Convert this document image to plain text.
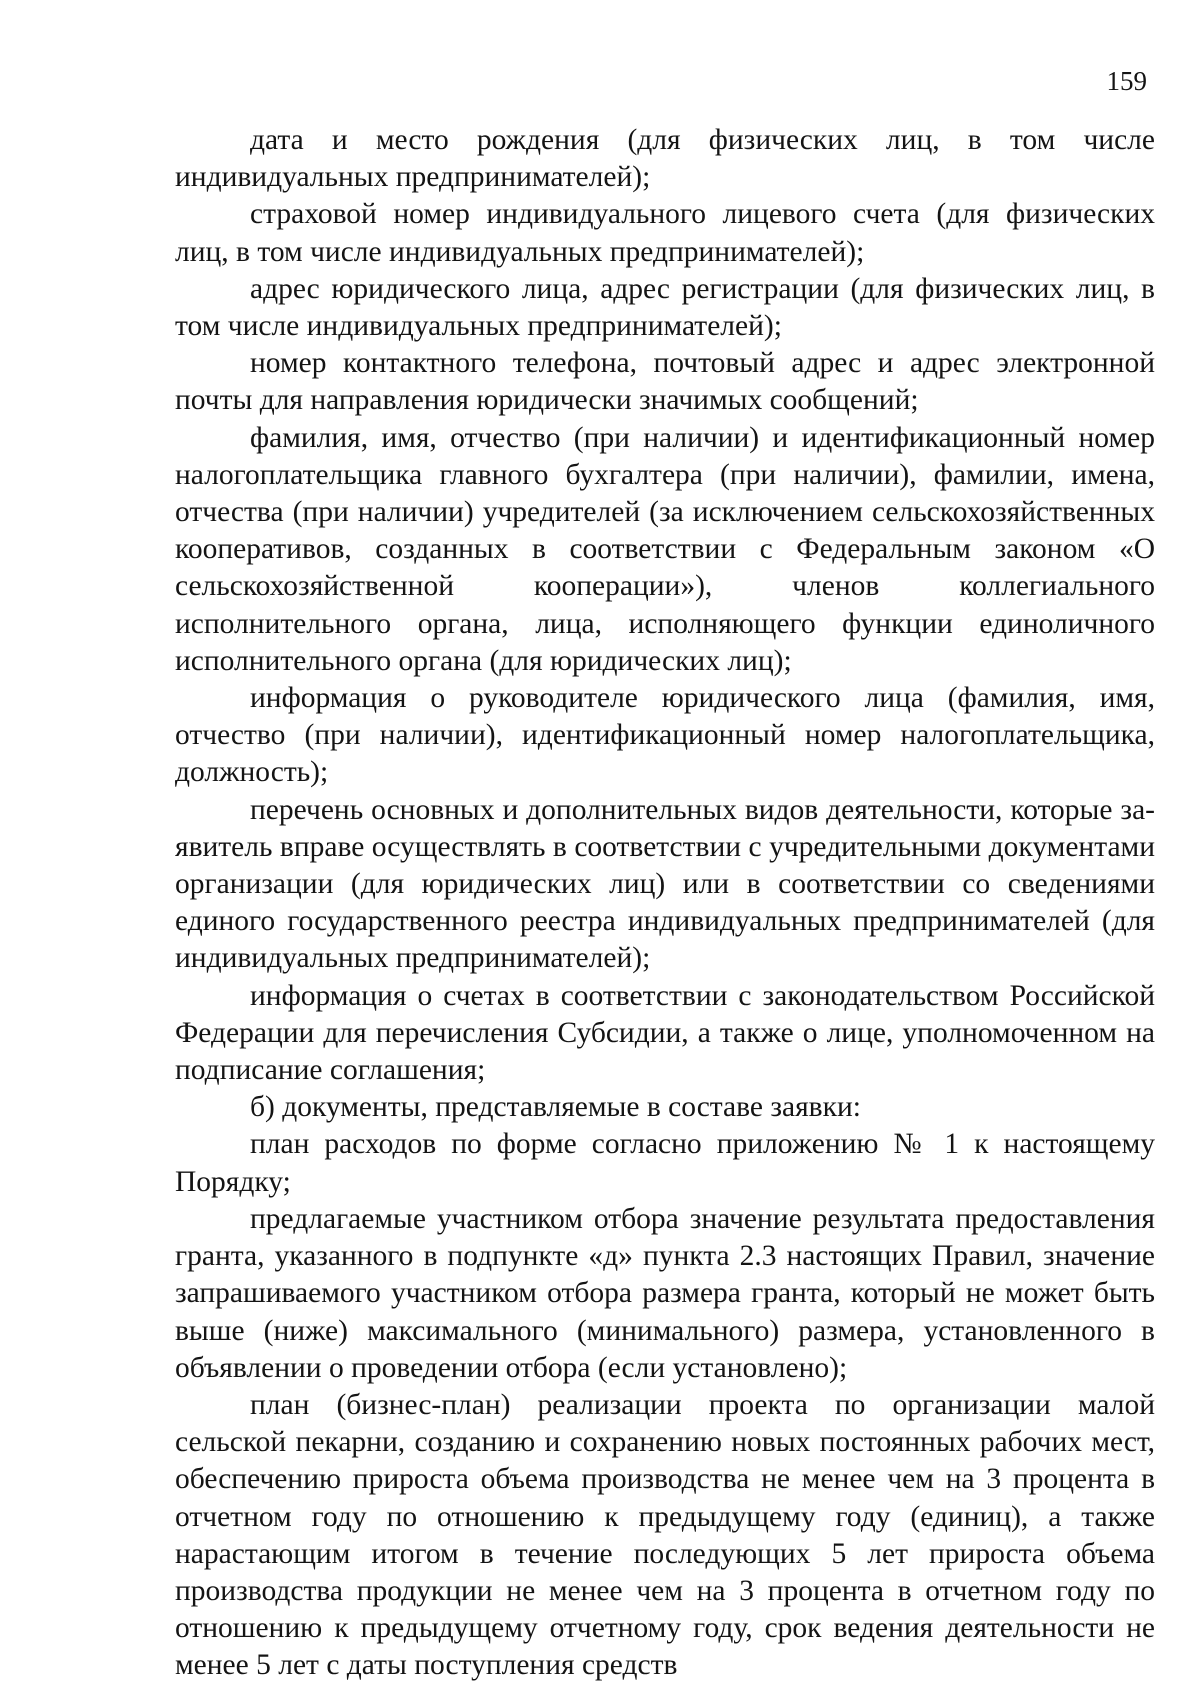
159

дата и место рождения (для физических лиц, в том числе индивидуальных предпринимателей);

страховой номер индивидуального лицевого счета (для физических лиц, в том числе индивидуальных предпринимателей);

адрес юридического лица, адрес регистрации (для физических лиц, в том числе индивидуальных предпринимателей);

номер контактного телефона, почтовый адрес и адрес электронной почты для направления юридически значимых сообщений;

фамилия, имя, отчество (при наличии) и идентификационный номер налогоплательщика главного бухгалтера (при наличии), фамилии, имена, отчества (при наличии) учредителей (за исключением сельскохозяйственных кооперативов, созданных в соответствии с Федеральным законом «О сельскохозяйственной кооперации»), членов коллегиального исполнительного органа, лица, исполняющего функции единоличного исполнительного органа (для юридических лиц);

информация о руководителе юридического лица (фамилия, имя, отчество (при наличии), идентификационный номер налогоплательщика, должность);

перечень основных и дополнительных видов деятельности, которые заявитель вправе осуществлять в соответствии с учредительными документами организации (для юридических лиц) или в соответствии со сведениями единого государственного реестра индивидуальных предпринимателей (для индивидуальных предпринимателей);

информация о счетах в соответствии с законодательством Российской Федерации для перечисления Субсидии, а также о лице, уполномоченном на подписание соглашения;

б) документы, представляемые в составе заявки:

план расходов по форме согласно приложению № 1 к настоящему Порядку;

предлагаемые участником отбора значение результата предоставления гранта, указанного в подпункте «д» пункта 2.3 настоящих Правил, значение запрашиваемого участником отбора размера гранта, который не может быть выше (ниже) максимального (минимального) размера, установленного в объявлении о проведении отбора (если установлено);

план (бизнес-план) реализации проекта по организации малой сельской пекарни, созданию и сохранению новых постоянных рабочих мест, обеспечению прироста объема производства не менее чем на 3 процента в отчетном году по отношению к предыдущему году (единиц), а также нарастающим итогом в течение последующих 5 лет прироста объема производства продукции не менее чем на 3 процента в отчетном году по отношению к предыдущему отчетному году, срок ведения деятельности не менее 5 лет с даты поступления средств
